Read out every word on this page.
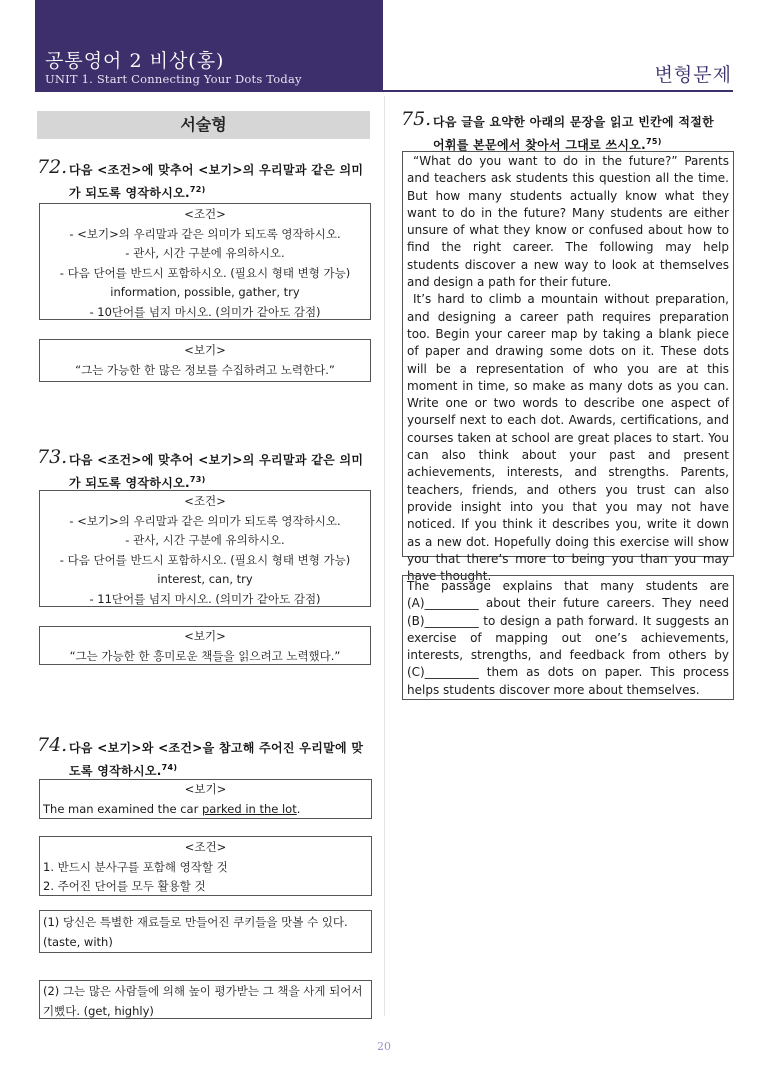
공통영어 2 비상(홍)
UNIT 1. Start Connecting Your Dots Today	변형문제
서술형
72. 다음 <조건>에 맞추어 <보기>의 우리말과 같은 의미
가 되도록 영작하시오.$^{72)}$
<조건>
- <보기>의 우리말과 같은 의미가 되도록 영작하시오.
- 관사, 시간 구분에 유의하시오.
- 다음 단어를 반드시 포함하시오. (필요시 형태 변형 가능)
information, possible, gather, try
- 10단어를 넘지 마시오. (의미가 같아도 감점)
<보기>
“그는 가능한 한 많은 정보를 수집하려고 노력한다.”
73. 다음 <조건>에 맞추어 <보기>의 우리말과 같은 의미
가 되도록 영작하시오.$^{73)}$
<조건>
- <보기>의 우리말과 같은 의미가 되도록 영작하시오.
- 관사, 시간 구분에 유의하시오.
- 다음 단어를 반드시 포함하시오. (필요시 형태 변형 가능)
interest, can, try
- 11단어를 넘지 마시오. (의미가 같아도 감점)
<보기>
“그는 가능한 한 흥미로운 책들을 읽으려고 노력했다.”
74. 다음 <보기>와 <조건>을 참고해 주어진 우리말에 맞
도록 영작하시오.$^{74)}$
<보기>
The man examined the car parked in the lot.
<조건>
1. 반드시 분사구를 포함해 영작할 것
2. 주어진 단어를 모두 활용할 것
(1) 당신은 특별한 재료들로 만들어진 쿠키들을 맛볼 수 있다.
(taste, with)
(2) 그는 많은 사람들에 의해 높이 평가받는 그 책을 사게 되어서
기뻤다. (get, highly)
75. 다음 글을 요약한 아래의 문장을 읽고 빈칸에 적절한
어휘를 본문에서 찾아서 그대로 쓰시오.$^{75)}$

“What do you want to do in the future?” Parents and teachers ask students this question all the time. But how many students actually know what they want to do in the future? Many students are either unsure of what they know or confused about how to find the right career. The following may help students discover a new way to look at themselves and design a path for their future.

It’s hard to climb a mountain without preparation, and designing a career path requires preparation too. Begin your career map by taking a blank piece of paper and drawing some dots on it. These dots will be a representation of who you are at this moment in time, so make as many dots as you can. Write one or two words to describe one aspect of yourself next to each dot. Awards, certifications, and courses taken at school are great places to start. You can also think about your past and present achievements, interests, and strengths. Parents, teachers, friends, and others you trust can also provide insight into you that you may not have noticed. If you think it describes you, write it down as a new dot. Hopefully doing this exercise will show you that there’s more to being you than you may have thought.

The passage explains that many students are (A)_________ about their future careers. They need (B)_________ to design a path forward. It suggests an exercise of mapping out one’s achievements, interests, strengths, and feedback from others by (C)_________ them as dots on paper. This process helps students discover more about themselves.

20
